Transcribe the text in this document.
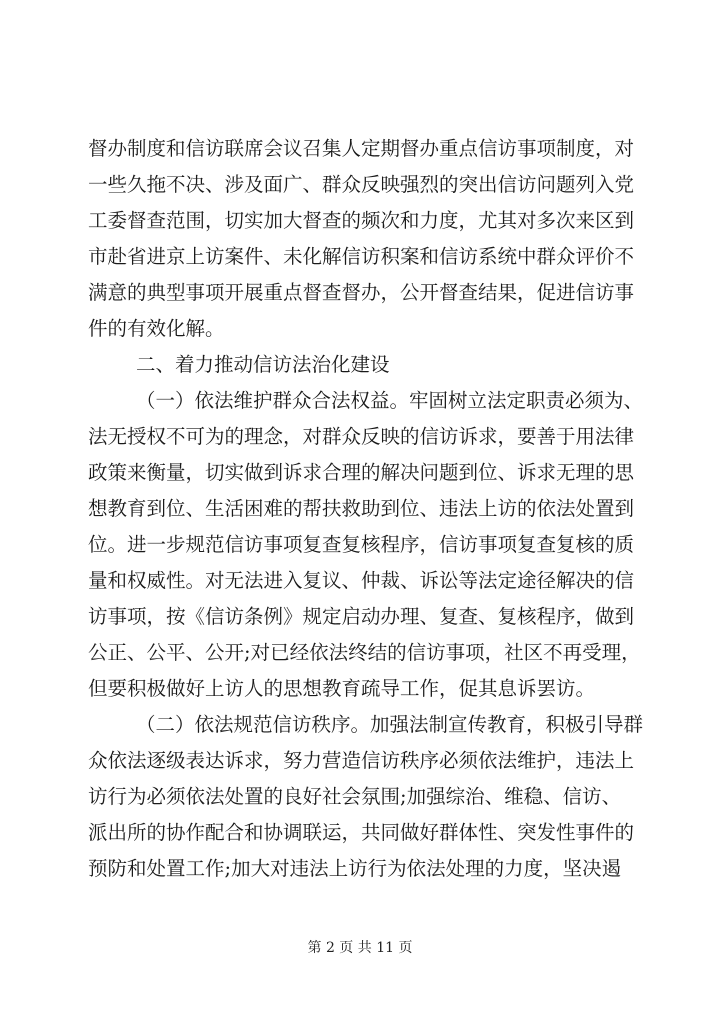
督办制度和信访联席会议召集人定期督办重点信访事项制度，对
一些久拖不决、涉及面广、群众反映强烈的突出信访问题列入党
工委督查范围，切实加大督查的频次和力度，尤其对多次来区到
市赴省进京上访案件、未化解信访积案和信访系统中群众评价不
满意的典型事项开展重点督查督办，公开督查结果，促进信访事
件的有效化解。
二、着力推动信访法治化建设
（一）依法维护群众合法权益。牢固树立法定职责必须为、
法无授权不可为的理念，对群众反映的信访诉求，要善于用法律
政策来衡量，切实做到诉求合理的解决问题到位、诉求无理的思
想教育到位、生活困难的帮扶救助到位、违法上访的依法处置到
位。进一步规范信访事项复查复核程序，信访事项复查复核的质
量和权威性。对无法进入复议、仲裁、诉讼等法定途径解决的信
访事项，按《信访条例》规定启动办理、复查、复核程序，做到
公正、公平、公开;对已经依法终结的信访事项，社区不再受理，
但要积极做好上访人的思想教育疏导工作，促其息诉罢访。
（二）依法规范信访秩序。加强法制宣传教育，积极引导群
众依法逐级表达诉求，努力营造信访秩序必须依法维护，违法上
访行为必须依法处置的良好社会氛围;加强综治、维稳、信访、
派出所的协作配合和协调联运，共同做好群体性、突发性事件的
预防和处置工作;加大对违法上访行为依法处理的力度，坚决遏
第 2 页 共 11 页
